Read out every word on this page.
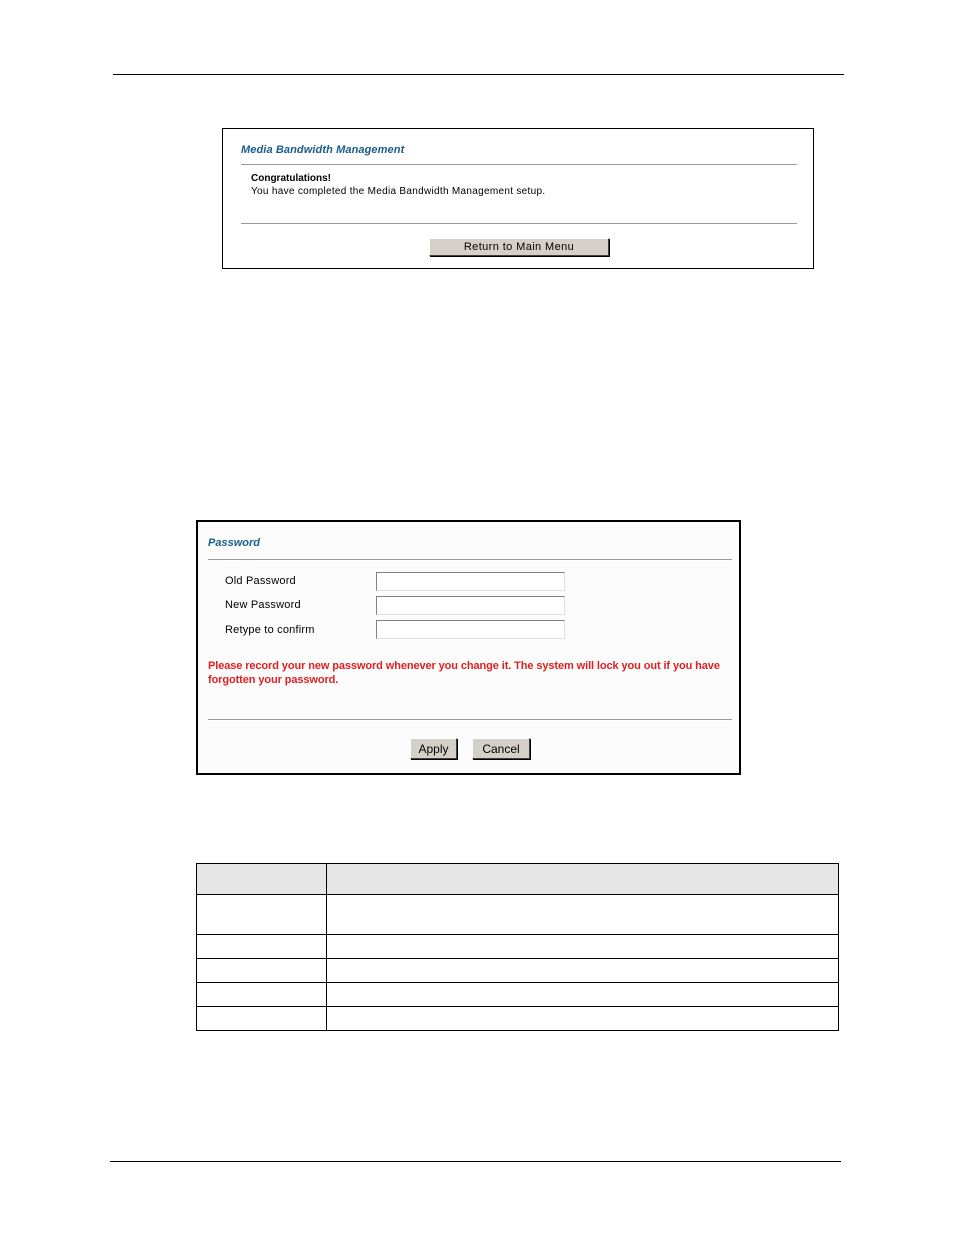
Media Bandwidth Management
Congratulations!
You have completed the Media Bandwidth Management setup.
Return to Main Menu
Password
Old Password
New Password
Retype to confirm
Please record your new password whenever you change it. The system will lock you out if you have forgotten your password.
Apply	Cancel
